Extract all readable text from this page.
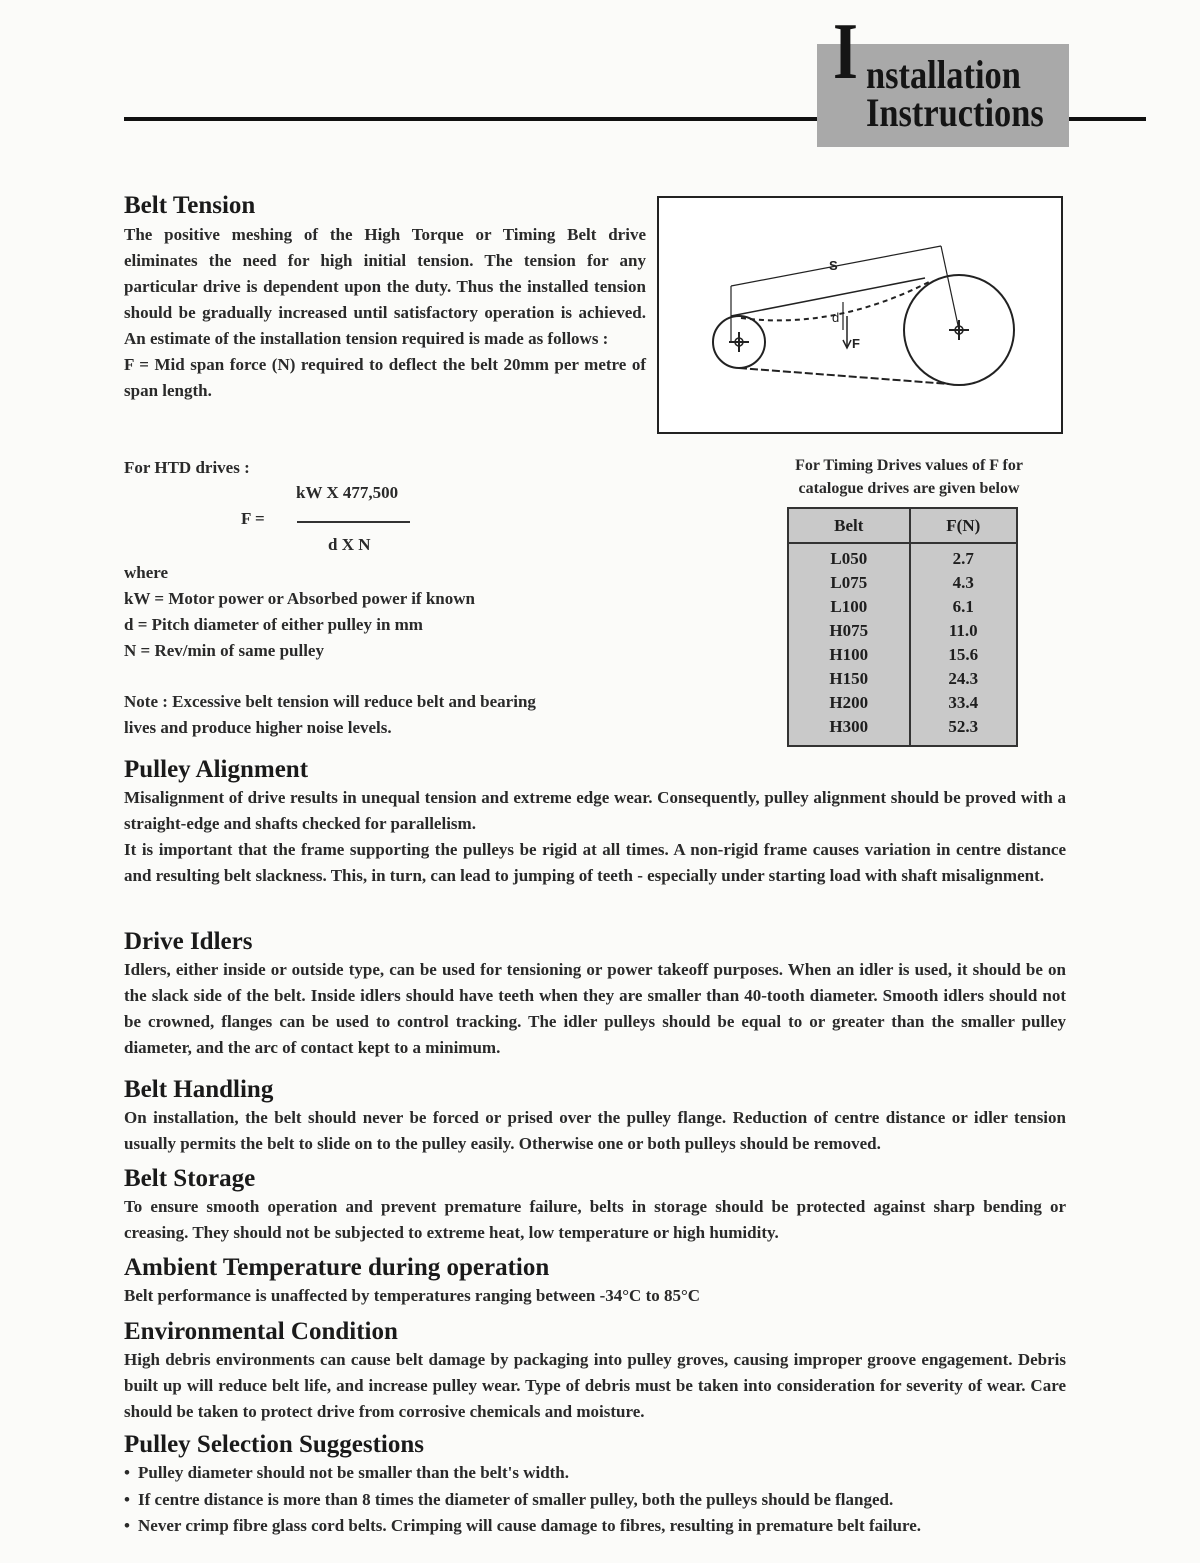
I nstallation
Instructions
Belt Tension

The positive meshing of the High Torque or Timing Belt drive eliminates the need for high initial tension. The tension for any particular drive is dependent upon the duty. Thus the installed tension should be gradually increased until satisfactory operation is achieved. An estimate of the installation tension required is made as follows :

F = Mid span force (N) required to deflect the belt 20mm per metre of span length.

S
d
F

For HTD drives :

kW X 477,500
F =
d X N

where

kW = Motor power or Absorbed power if known

d = Pitch diameter of either pulley in mm

N = Rev/min of same pulley

Note : Excessive belt tension will reduce belt and bearing

lives and produce higher noise levels.

For Timing Drives values of F for
catalogue drives are given below
Belt	F(N)
L050	2.7
L075	4.3
L100	6.1
H075	11.0
H100	15.6
H150	24.3
H200	33.4
H300	52.3
Pulley Alignment

Misalignment of drive results in unequal tension and extreme edge wear. Consequently, pulley alignment should be proved with a straight-edge and shafts checked for parallelism.

It is important that the frame supporting the pulleys be rigid at all times. A non-rigid frame causes variation in centre distance and resulting belt slackness. This, in turn, can lead to jumping of teeth - especially under starting load with shaft misalignment.

Drive Idlers

Idlers, either inside or outside type, can be used for tensioning or power takeoff purposes. When an idler is used, it should be on the slack side of the belt. Inside idlers should have teeth when they are smaller than 40-tooth diameter. Smooth idlers should not be crowned, flanges can be used to control tracking. The idler pulleys should be equal to or greater than the smaller pulley diameter, and the arc of contact kept to a minimum.

Belt Handling

On installation, the belt should never be forced or prised over the pulley flange. Reduction of centre distance or idler tension usually permits the belt to slide on to the pulley easily. Otherwise one or both pulleys should be removed.

Belt Storage

To ensure smooth operation and prevent premature failure, belts in storage should be protected against sharp bending or creasing. They should not be subjected to extreme heat, low temperature or high humidity.

Ambient Temperature during operation

Belt performance is unaffected by temperatures ranging between -34°C to 85°C

Environmental Condition

High debris environments can cause belt damage by packaging into pulley groves, causing improper groove engagement. Debris built up will reduce belt life, and increase pulley wear. Type of debris must be taken into consideration for severity of wear. Care should be taken to protect drive from corrosive chemicals and moisture.

Pulley Selection Suggestions
• Pulley diameter should not be smaller than the belt's width.
• If centre distance is more than 8 times the diameter of smaller pulley, both the pulleys should be flanged.
• Never crimp fibre glass cord belts. Crimping will cause damage to fibres, resulting in premature belt failure.
